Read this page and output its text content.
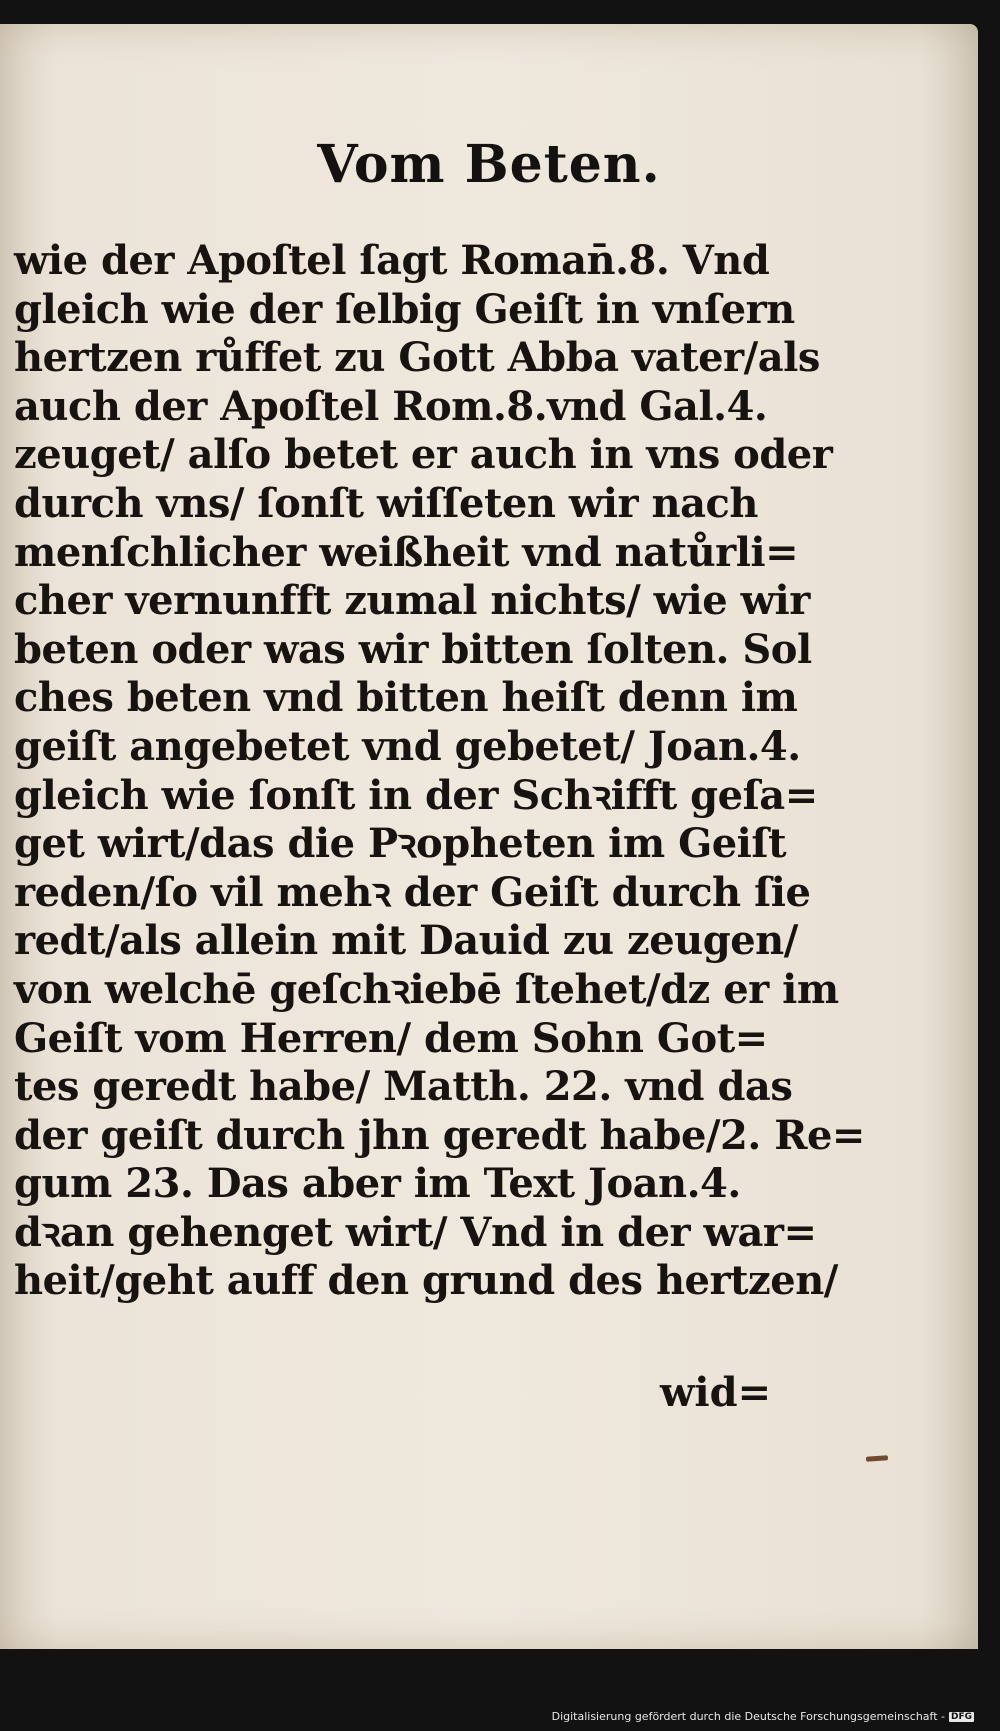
Vom Beten.
wie der Apoſtel ſagt Roman̄.8. Vnd
gleich wie der ſelbig Geiſt in vnſern
hertzen růffet zu Gott Abba vater/als
auch der Apoſtel Rom.8.vnd Gal.4.
zeuget/ alſo betet er auch in vns oder
durch vns/ ſonſt wiſſeten wir nach
menſchlicher weißheit vnd natůrli=
cher vernunfft zumal nichts/ wie wir
beten oder was wir bitten ſolten. Sol
ches beten vnd bitten heiſt denn im
geiſt angebetet vnd gebetet/ Joan.4.
gleich wie ſonſt in der Schꝛifft geſa=
get wirt/das die Pꝛopheten im Geiſt
reden/ſo vil mehꝛ der Geiſt durch ſie
redt/als allein mit Dauid zu zeugen/
von welchē geſchꝛiebē ſtehet/dz er im
Geiſt vom Herren/ dem Sohn Got=
tes geredt habe/ Matth. 22. vnd das
der geiſt durch jhn geredt habe/2. Re=
gum 23. Das aber im Text Joan.4.
dꝛan gehenget wirt/ Vnd in der war=
heit/geht auff den grund des hertzen/
wid=
Digitalisierung gefördert durch die Deutsche Forschungsgemeinschaft - DFG
